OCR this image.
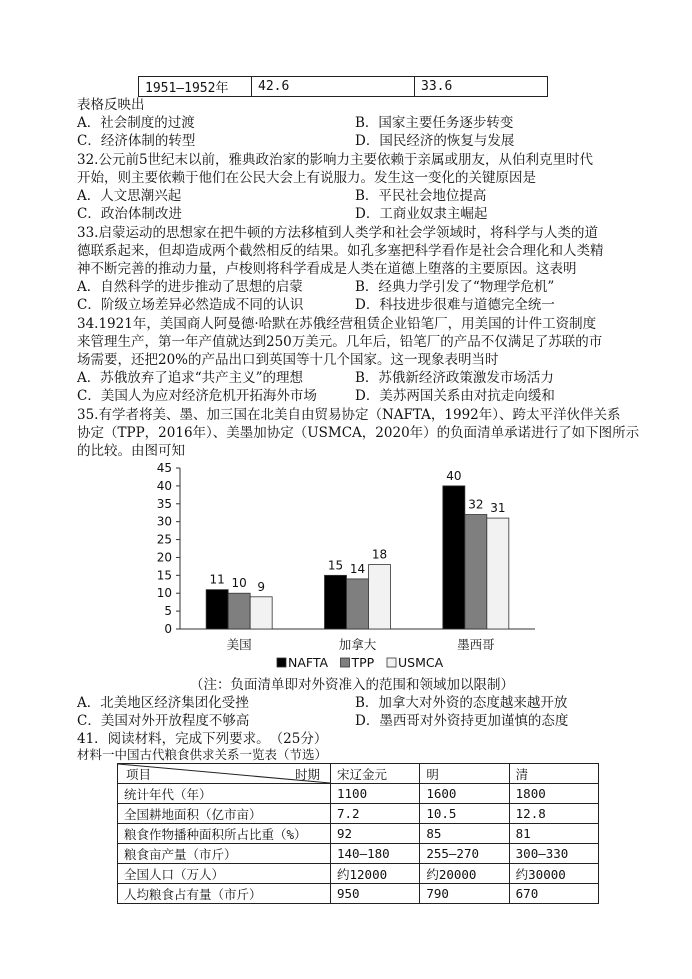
1951—1952年	42.6	33.6
表格反映出
A．社会制度的过渡	B．国家主要任务逐步转变
C．经济体制的转型	D．国民经济的恢复与发展
32.公元前5世纪末以前，雅典政治家的影响力主要依赖于亲属或朋友，从伯利克里时代
开始，则主要依赖于他们在公民大会上有说服力。发生这一变化的关键原因是
A．人文思潮兴起	B．平民社会地位提高
C．政治体制改进	D．工商业奴隶主崛起
33.启蒙运动的思想家在把牛顿的方法移植到人类学和社会学领域时，将科学与人类的道
德联系起来，但却造成两个截然相反的结果。如孔多塞把科学看作是社会合理化和人类精
神不断完善的推动力量，卢梭则将科学看成是人类在道德上堕落的主要原因。这表明
A．自然科学的进步推动了思想的启蒙	B．经典力学引发了“物理学危机”
C．阶级立场差异必然造成不同的认识	D．科技进步很难与道德完全统一
34.1921年，美国商人阿曼德·哈默在苏俄经营租赁企业铅笔厂，用美国的计件工资制度
来管理生产，第一年产值就达到250万美元。几年后，铅笔厂的产品不仅满足了苏联的市
场需要，还把20%的产品出口到英国等十几个国家。这一现象表明当时
A．苏俄放弃了追求“共产主义”的理想	B．苏俄新经济政策激发市场活力
C．美国人为应对经济危机开拓海外市场	D．美苏两国关系由对抗走向缓和
35.有学者将美、墨、加三国在北美自由贸易协定（NAFTA，1992年）、跨太平洋伙伴关系
协定（TPP，2016年）、美墨加协定（USMCA，2020年）的负面清单承诺进行了如下图所示
的比较。由图可知
0
5
10
15
20
25
30
35
40
45
11 10 9
美国
15 14
18
加拿大
40
32 31
墨西哥
NAFTA TPP USMCA
（注：负面清单即对外资准入的范围和领域加以限制）
A．北美地区经济集团化受挫	B．加拿大对外资的态度越来越开放
C．美国对外开放程度不够高	D．墨西哥对外资持更加谨慎的态度
41．阅读材料，完成下列要求。　（25分）
材料一中国古代粮食供求关系一览表（节选）
项目 时期	宋辽金元	明	清
统计年代（年）	1100	1600	1800
全国耕地面积（亿市亩）	7.2	10.5	12.8
粮食作物播种面积所占比重（%）	92	85	81
粮食亩产量（市斤）	140—180	255—270	300—330
全国人口（万人）	约12000	约20000	约30000
人均粮食占有量（市斤）	950	790	670
